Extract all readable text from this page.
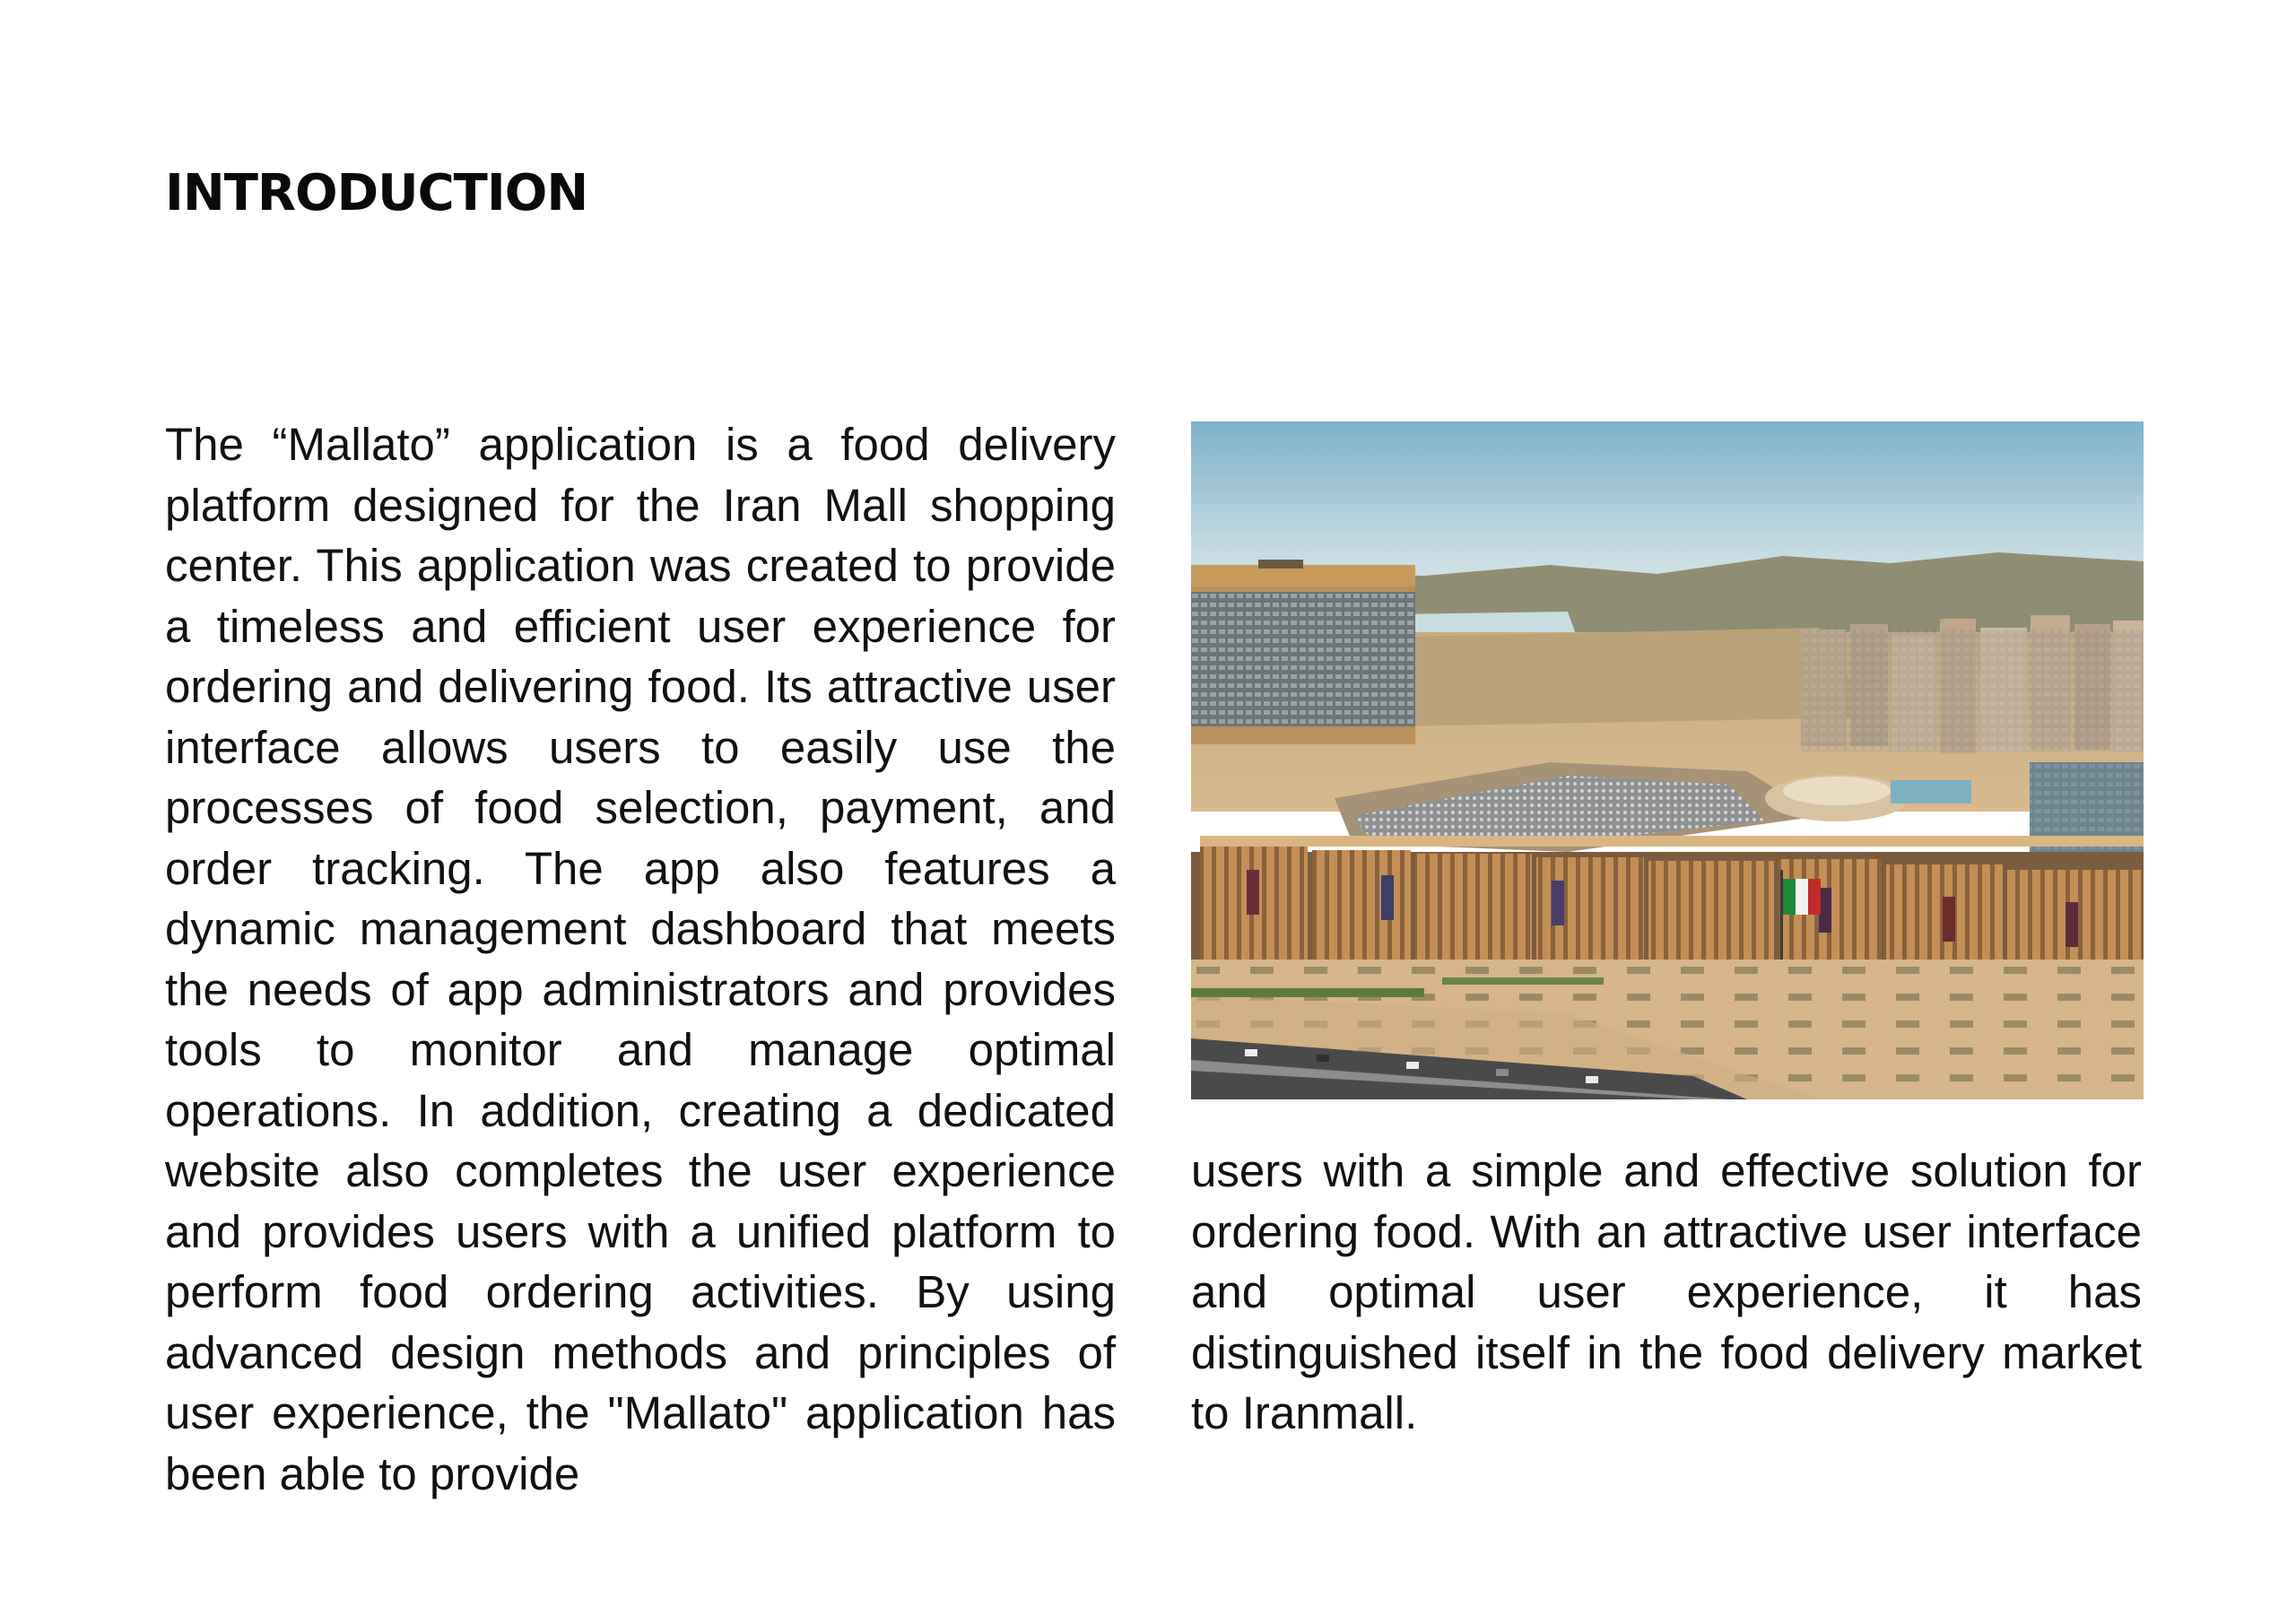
INTRODUCTION

The “Mallato” application is a food delivery platform designed for the Iran Mall shopping center. This application was created to provide a timeless and efficient user experience for ordering and delivering food. Its attractive user interface allows users to easily use the processes of food selection, payment, and order tracking. The app also features a dynamic management dashboard that meets the needs of app administrators and provides tools to monitor and manage optimal operations. In addition, creating a dedicated website also completes the user experience and provides users with a unified platform to perform food ordering activities. By using advanced design methods and principles of user experience, the "Mallato" application has been able to provide

users with a simple and effective solution for ordering food. With an attractive user interface and optimal user experience, it has distinguished itself in the food delivery market to Iranmall.
